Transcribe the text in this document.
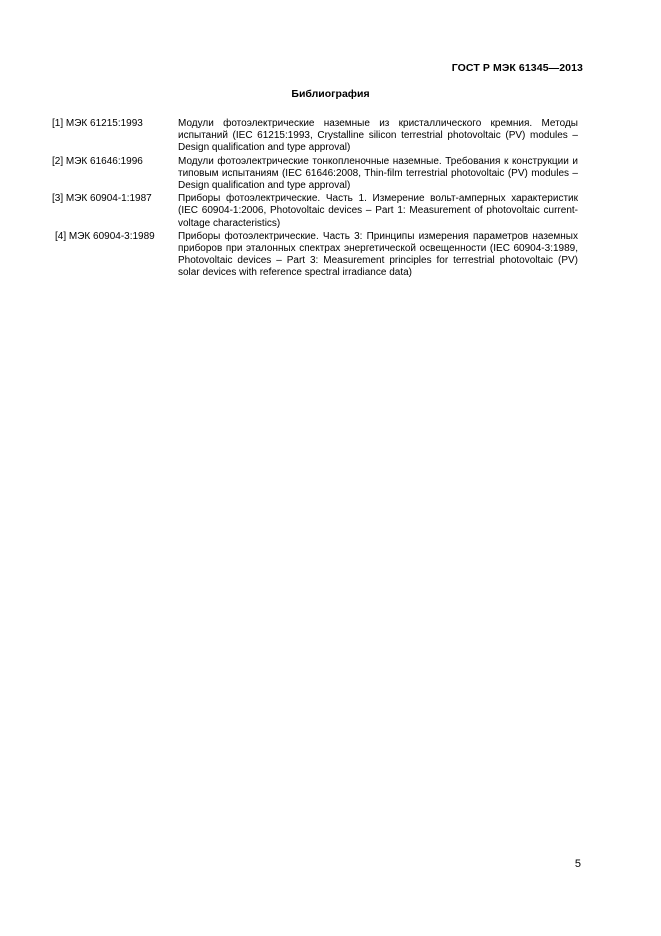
ГОСТ Р МЭК 61345—2013
Библиография
[1] МЭК 61215:1993	Модули фотоэлектрические наземные из кристаллического кремния. Методы испытаний (IEC 61215:1993, Crystalline silicon terrestrial photovoltaic (PV) modules – Design qualification and type approval)
[2] МЭК 61646:1996	Модули фотоэлектрические тонкопленочные наземные. Требования к конструкции и типовым испытаниям (IEC 61646:2008, Thin-film terrestrial photovoltaic (PV) modules – Design qualification and type approval)
[3] МЭК 60904-1:1987	Приборы фотоэлектрические. Часть 1. Измерение вольт-амперных характеристик (IEC 60904-1:2006, Photovoltaic devices – Part 1: Measurement of photovoltaic current-voltage characteristics)
[4] МЭК 60904-3:1989	Приборы фотоэлектрические. Часть 3: Принципы измерения параметров наземных приборов при эталонных спектрах энергетической освещенности (IEC 60904-3:1989, Photovoltaic devices – Part 3: Measurement principles for terrestrial photovoltaic (PV) solar devices with reference spectral irradiance data)
5
